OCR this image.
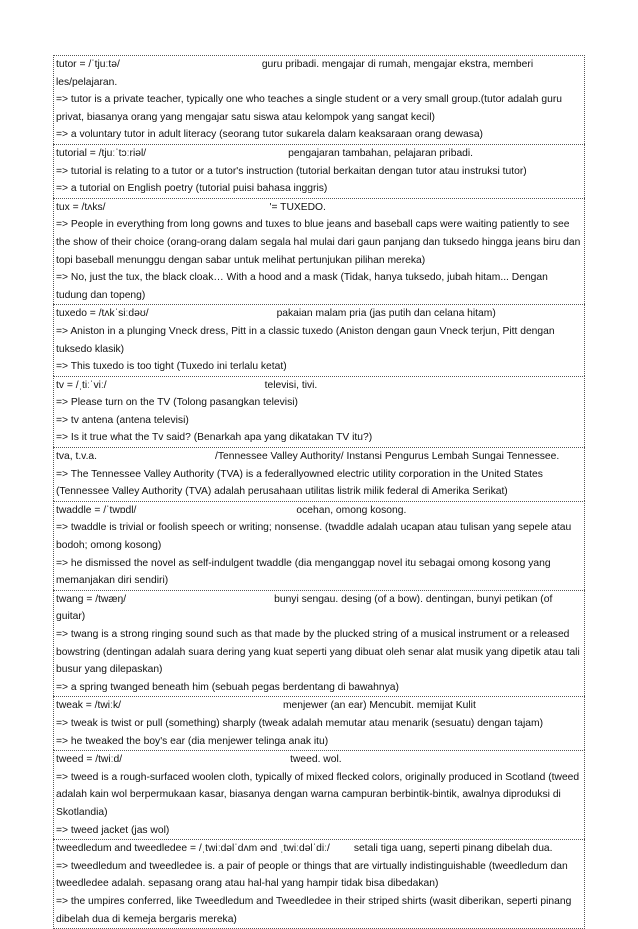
tutor = /ˈtjuːtə/	guru pribadi. mengajar di rumah, mengajar ekstra, memberi les/pelajaran.
=> tutor is a private teacher, typically one who teaches a single student or a very small group.(tutor adalah guru privat, biasanya orang yang mengajar satu siswa atau kelompok yang sangat kecil)
=> a voluntary tutor in adult literacy (seorang tutor sukarela dalam keaksaraan orang dewasa)
tutorial = /tjuːˈtɔːriəl/	pengajaran tambahan, pelajaran pribadi.
=> tutorial is relating to a tutor or a tutor's instruction (tutorial berkaitan dengan tutor atau instruksi tutor)
=> a tutorial on English poetry (tutorial puisi bahasa inggris)
tux = /tʌks/	'= TUXEDO.
=> People in everything from long gowns and tuxes to blue jeans and baseball caps were waiting patiently to see the show of their choice (orang-orang dalam segala hal mulai dari gaun panjang dan tuksedo hingga jeans biru dan topi baseball menunggu dengan sabar untuk melihat pertunjukan pilihan mereka)
=> No, just the tux, the black cloak… With a hood and a mask (Tidak, hanya tuksedo, jubah hitam... Dengan tudung dan topeng)
tuxedo = /tʌkˈsiːdəʊ/	pakaian malam pria (jas putih dan celana hitam)
=> Aniston in a plunging Vneck dress, Pitt in a classic tuxedo (Aniston dengan gaun Vneck terjun, Pitt dengan tuksedo klasik)
=> This tuxedo is too tight (Tuxedo ini terlalu ketat)
tv = /ˌtiːˈviː/	televisi, tivi.
=> Please turn on the TV (Tolong pasangkan televisi)
=> tv antena (antena televisi)
=> Is it true what the Tv said? (Benarkah apa yang dikatakan TV itu?)
tva, t.v.a.	/Tennessee Valley Authority/ Instansi Pengurus Lembah Sungai Tennessee.
=> The Tennessee Valley Authority (TVA) is a federallyowned electric utility corporation in the United States (Tennessee Valley Authority (TVA) adalah perusahaan utilitas listrik milik federal di Amerika Serikat)
twaddle = /ˈtwɒdl/	ocehan, omong kosong.
=> twaddle is trivial or foolish speech or writing; nonsense. (twaddle adalah ucapan atau tulisan yang sepele atau bodoh; omong kosong)
=> he dismissed the novel as self-indulgent twaddle (dia menganggap novel itu sebagai omong kosong yang memanjakan diri sendiri)
twang = /twæŋ/	bunyi sengau. desing (of a bow). dentingan, bunyi petikan (of guitar)
=> twang is a strong ringing sound such as that made by the plucked string of a musical instrument or a released bowstring (dentingan adalah suara dering yang kuat seperti yang dibuat oleh senar alat musik yang dipetik atau tali busur yang dilepaskan)
=> a spring twanged beneath him (sebuah pegas berdentang di bawahnya)
tweak = /twiːk/	menjewer (an ear) Mencubit. memijat Kulit
=> tweak is twist or pull (something) sharply (tweak adalah memutar atau menarik (sesuatu) dengan tajam)
=> he tweaked the boy's ear (dia menjewer telinga anak itu)
tweed = /twiːd/	tweed. wol.
=> tweed is a rough-surfaced woolen cloth, typically of mixed flecked colors, originally produced in Scotland (tweed adalah kain wol berpermukaan kasar, biasanya dengan warna campuran berbintik-bintik, awalnya diproduksi di Skotlandia)
=> tweed jacket (jas wol)
tweedledum and tweedledee = /ˌtwiːdəlˈdʌm ənd ˌtwiːdəlˈdiː/ setali tiga uang, seperti pinang dibelah dua.
=> tweedledum and tweedledee is. a pair of people or things that are virtually indistinguishable (tweedledum dan tweedledee adalah. sepasang orang atau hal-hal yang hampir tidak bisa dibedakan)
=> the umpires conferred, like Tweedledum and Tweedledee in their striped shirts (wasit diberikan, seperti pinang dibelah dua di kemeja bergaris mereka)
